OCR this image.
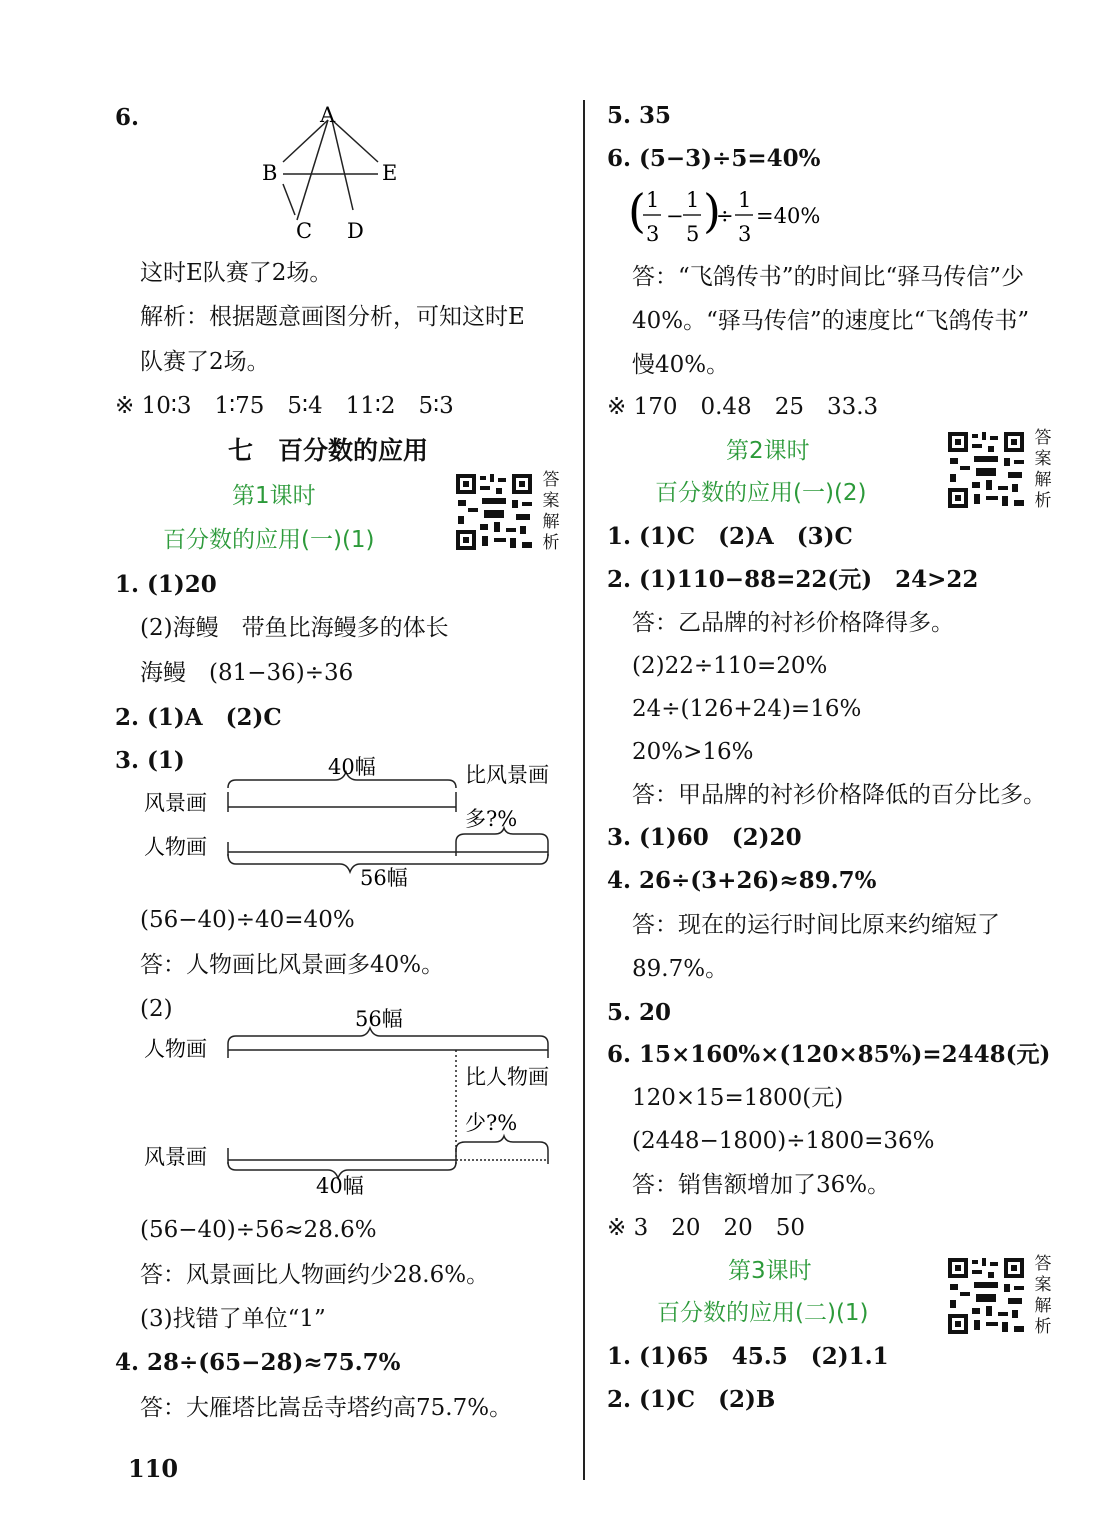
6.	A
B	E
C D
这时E队赛了2场。
解析：根据题意画图分析，可知这时E
队赛了2场。
※ 10∶3　1∶75　5∶4　11∶2　5∶3
七　百分数的应用
第1课时
百分数的应用(一)(1)
答
案
解
析
1. (1)20
(2)海鳗　带鱼比海鳗多的体长
海鳗　(81−36)÷36
2. (1)A　(2)C
3. (1)	40幅
56幅
风景画
人物画
比风景画
多?%
(56−40)÷40=40%
答：人物画比风景画多40%。
(2)	56幅
40幅
人物画
风景画
比人物画
少?%
(56−40)÷56≈28.6%
答：风景画比人物画约少28.6%。
(3)找错了单位“1”
4. 28÷(65−28)≈75.7%
答：大雁塔比嵩岳寺塔约高75.7%。
110
5. 35
6. (5−3)÷5=40%
( 1
3
−
1
5 )
÷
1
3
=40%
答：“飞鸽传书”的时间比“驿马传信”少
40%。“驿马传信”的速度比“飞鸽传书”
慢40%。
※ 170　0.48　25　33.3
第2课时
百分数的应用(一)(2)
答
案
解
析
1. (1)C　(2)A　(3)C
2. (1)110−88=22(元)　24>22
答：乙品牌的衬衫价格降得多。
(2)22÷110=20%
24÷(126+24)=16%
20%>16%
答：甲品牌的衬衫价格降低的百分比多。
3. (1)60　(2)20
4. 26÷(3+26)≈89.7%
答：现在的运行时间比原来约缩短了
89.7%。
5. 20
6. 15×160%×(120×85%)=2448(元)
120×15=1800(元)
(2448−1800)÷1800=36%
答：销售额增加了36%。
※ 3　20　20　50
第3课时
百分数的应用(二)(1)
答
案
解
析
1. (1)65　45.5　(2)1.1
2. (1)C　(2)B
